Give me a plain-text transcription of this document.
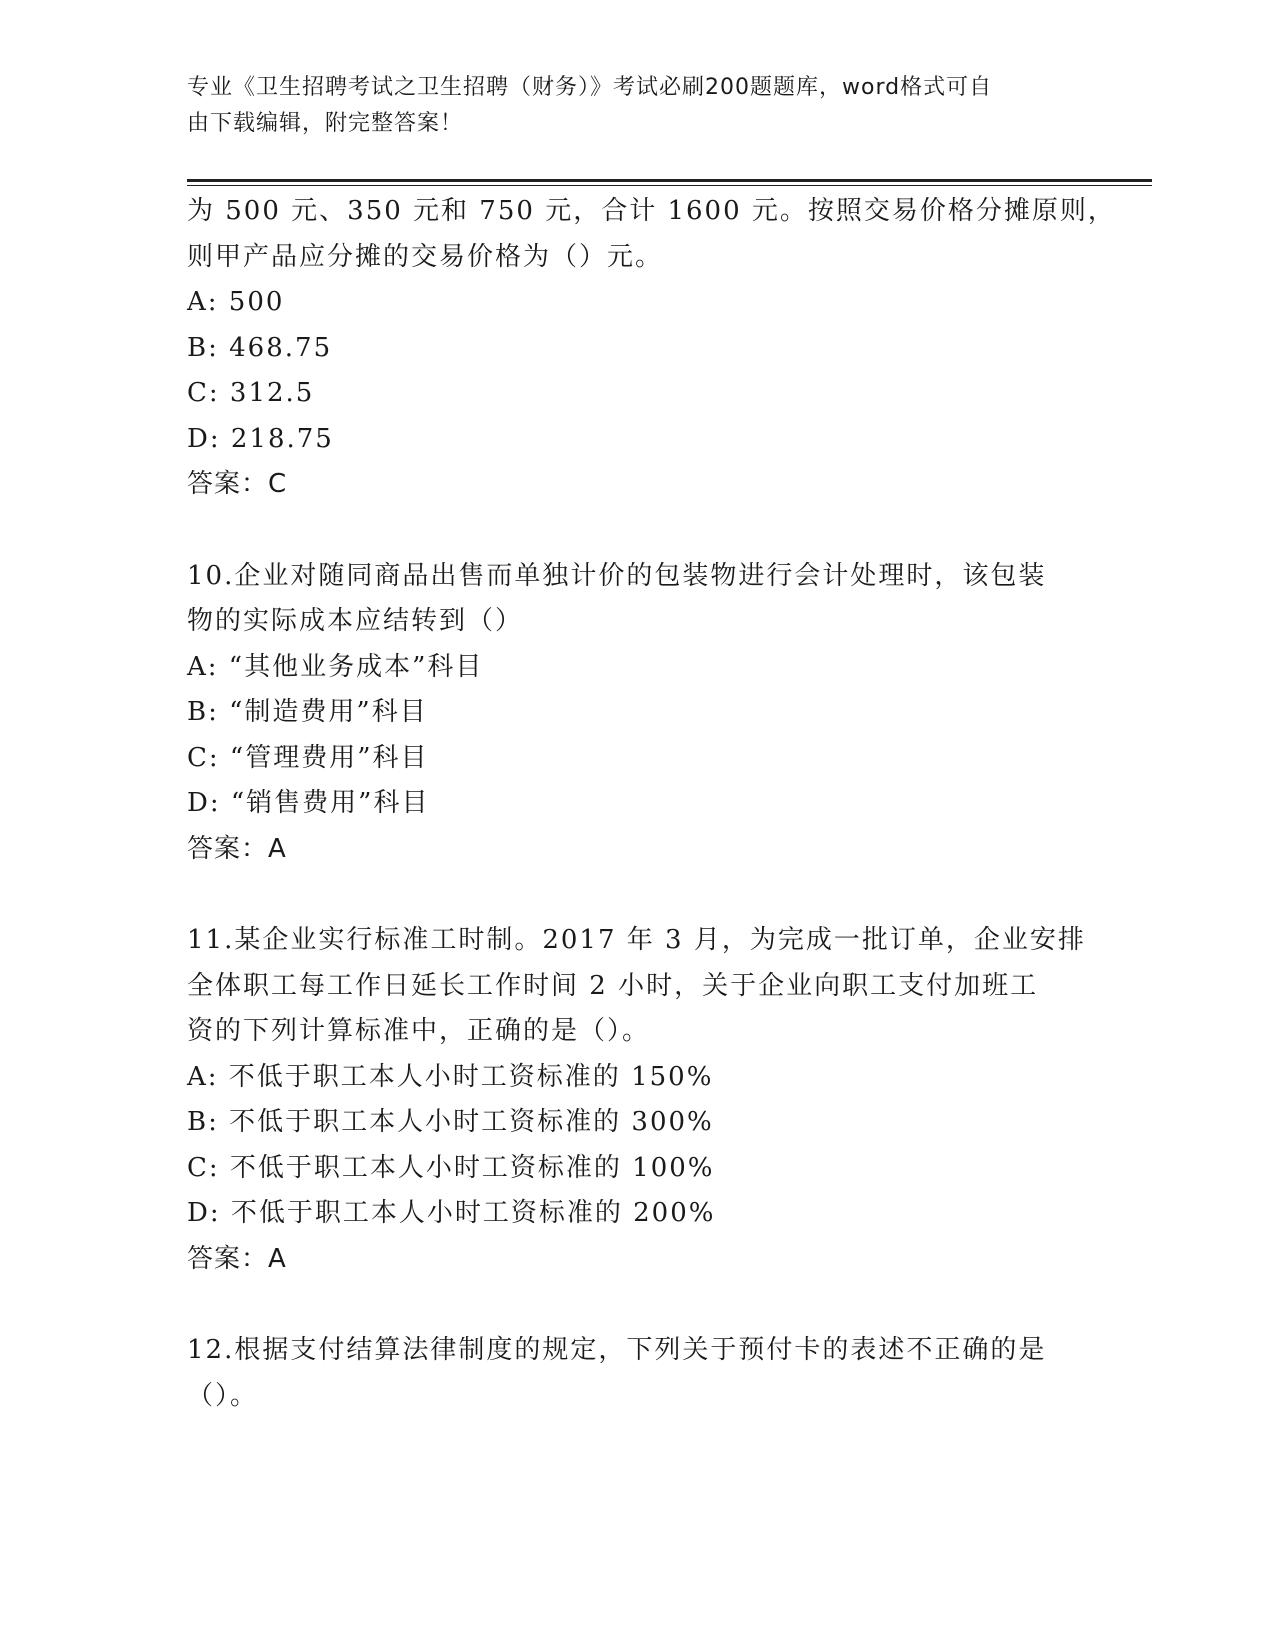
专业《卫生招聘考试之卫生招聘（财务）》考试必刷200题题库，word格式可自
由下载编辑，附完整答案！
为 500 元、350 元和 750 元，合计 1600 元。按照交易价格分摊原则，
则甲产品应分摊的交易价格为（）元。
A: 500
B: 468.75
C: 312.5
D: 218.75
答案：C
10.企业对随同商品出售而单独计价的包装物进行会计处理时，该包装
物的实际成本应结转到（）
A: “其他业务成本”科目
B: “制造费用”科目
C: “管理费用”科目
D: “销售费用”科目
答案：A
11.某企业实行标准工时制。2017 年 3 月，为完成一批订单，企业安排
全体职工每工作日延长工作时间 2 小时，关于企业向职工支付加班工
资的下列计算标准中，正确的是（）。
A: 不低于职工本人小时工资标准的 150%
B: 不低于职工本人小时工资标准的 300%
C: 不低于职工本人小时工资标准的 100%
D: 不低于职工本人小时工资标准的 200%
答案：A
12.根据支付结算法律制度的规定，下列关于预付卡的表述不正确的是
（）。
